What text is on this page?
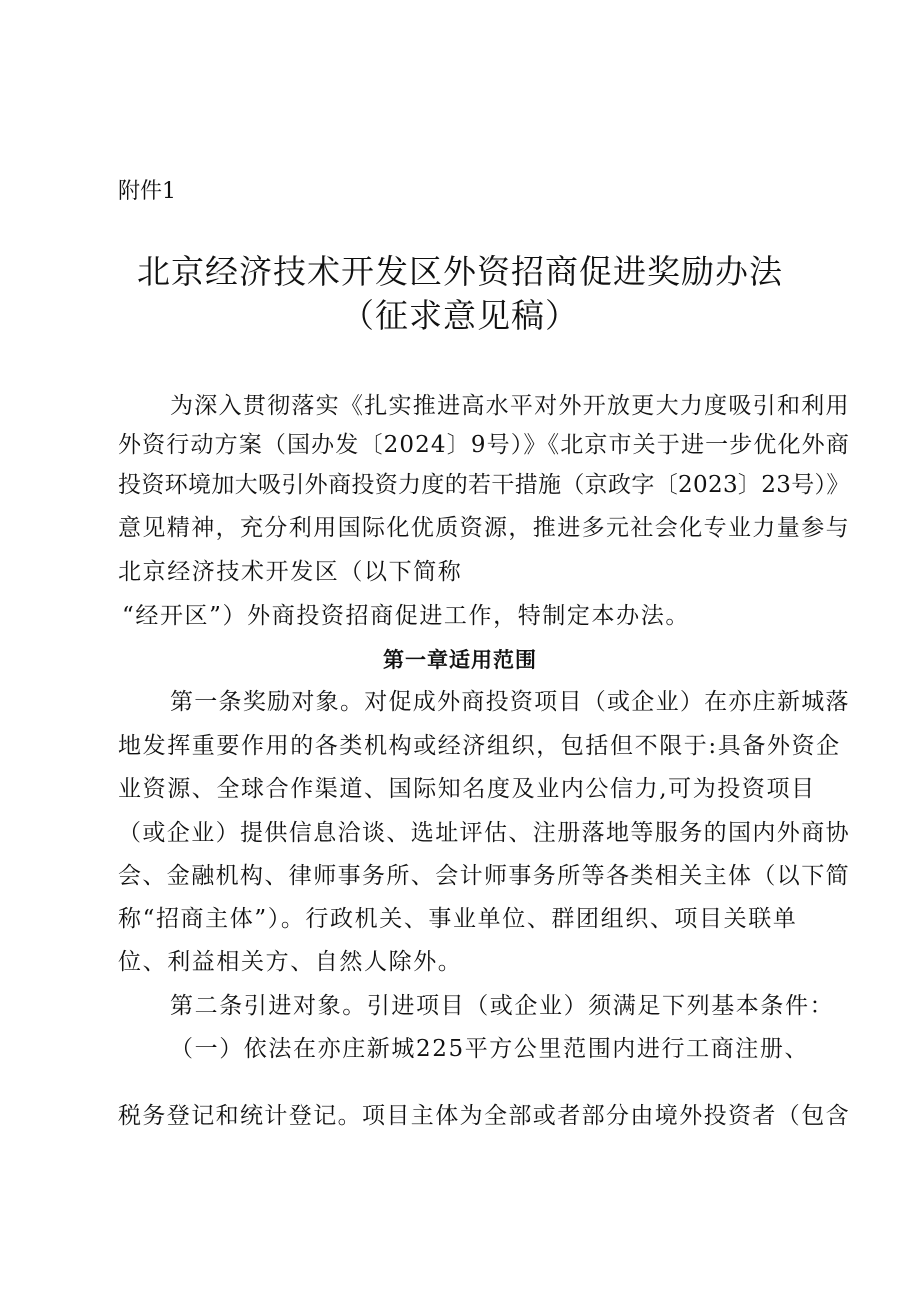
附件1
北京经济技术开发区外资招商促进奖励办法
（征求意见稿）
为深入贯彻落实《扎实推进高水平对外开放更大力度吸引和利用
外资行动方案（国办发〔2024〕9号）》《北京市关于进一步优化外商
投资环境加大吸引外商投资力度的若干措施（京政字〔2023〕23号）》
意见精神，充分利用国际化优质资源，推进多元社会化专业力量参与
北京经济技术开发区（以下简称
“经开区”）外商投资招商促进工作，特制定本办法。
第一章适用范围
第一条奖励对象。对促成外商投资项目（或企业）在亦庄新城落
地发挥重要作用的各类机构或经济组织，包括但不限于:具备外资企
业资源、全球合作渠道、国际知名度及业内公信力,可为投资项目
（或企业）提供信息洽谈、选址评估、注册落地等服务的国内外商协
会、金融机构、律师事务所、会计师事务所等各类相关主体（以下简
称“招商主体”）。行政机关、事业单位、群团组织、项目关联单
位、利益相关方、自然人除外。
第二条引进对象。引进项目（或企业）须满足下列基本条件：
（一）依法在亦庄新城225平方公里范围内进行工商注册、
税务登记和统计登记。项目主体为全部或者部分由境外投资者（包含
